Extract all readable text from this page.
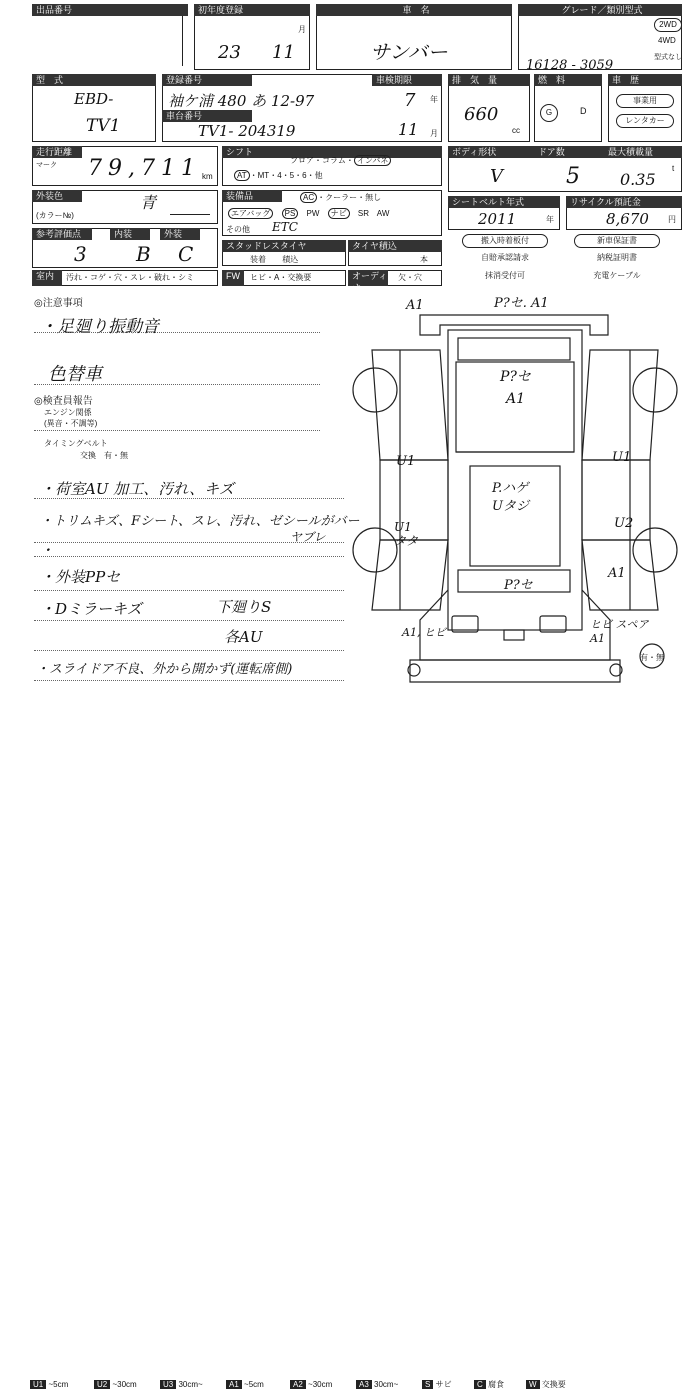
出品番号	初年度登録
23 11
月
車　名
サンバー
グレード／類別型式
16128 - 3059
2WD
4WD
型式なし
型　式
EBD-
TV1
登録番号
袖ケ浦 480 あ 12-97
車台番号
TV1- 204319
車検期限
7 年
11 月
排　気　量
660
cc
燃　料
G	D
車　歴
事業用
レンタカー
走行距離
マーク 79,711 km
シフト
フロア・コラム・ インパネ
AT ・MT・4・5・6・他
ボディ形状	ドア数	最大積載量
V	5	0.35
t
外装色	青
(カラー№)
装備品	AC ・クーラー・無し
エアバッグ PS PW ナビ SR AW
その他 ETC
シートベルト年式
2011	年
リサイクル預託金
8,670 円
参考評価点	内装	外装
3 B C	スタッドレスタイヤ
装着 積込
タイヤ積込
本
搬入時着板付	新車保証書
自賠承認請求	納税証明書
抹消受付可	充電ケーブル
室内	汚れ・コゲ・穴・スレ・破れ・シミ	FW	ヒビ・A・交換要	オーディオ
欠・穴
◎注意事項
・足廻り振動音
色替車
◎検査員報告
エンジン関係
(異音・不調等)
タイミングベルト
交換　有・無
・荷室AU 加工、汚れ、キズ
・トリムキズ、Fシート、スレ、汚れ、ゼシールがバー
ヤブレ
・
・外装PPセ
・Dミラーキズ	下廻りS
各AU
・スライドア不良、外から開かず(運転席側)
A1	P?セ. A1
P?セ
A1
P.ハゲ
Uタジ
U1
U1
タタ
U1
U2
A1
P?セ
A1, ヒビ
ヒビ スペア
A1
有・無
U1 ~5cm	U2 ~30cm	U3 30cm~	A1 ~5cm	A2 ~30cm	A3 30cm~	S サビ	C 腐食	W 交換要
